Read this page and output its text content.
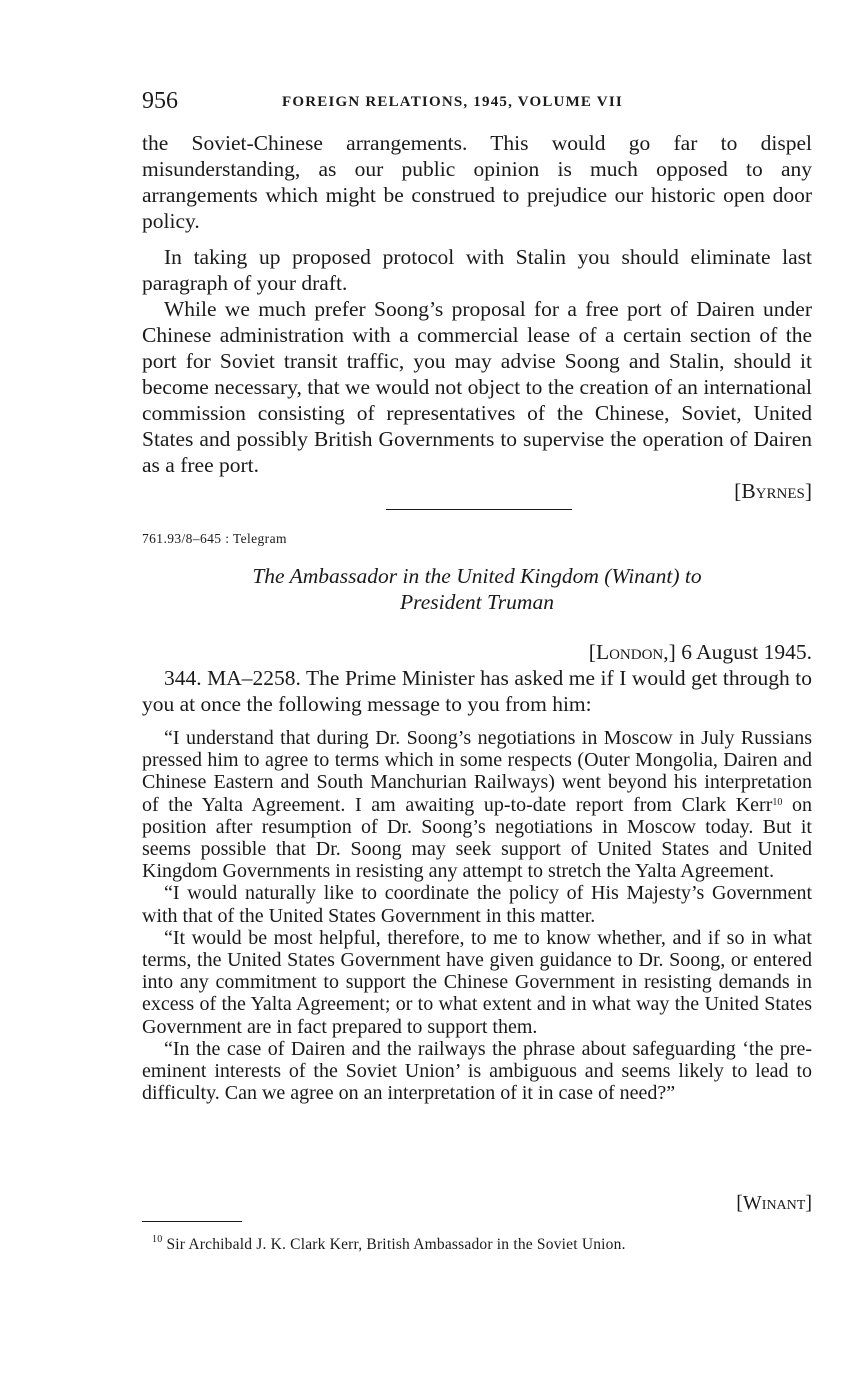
956	FOREIGN RELATIONS, 1945, VOLUME VII

the Soviet-Chinese arrangements. This would go far to dispel misunderstanding, as our public opinion is much opposed to any arrangements which might be construed to prejudice our historic open door policy.

In taking up proposed protocol with Stalin you should eliminate last paragraph of your draft.

While we much prefer Soong’s proposal for a free port of Dairen under Chinese administration with a commercial lease of a certain section of the port for Soviet transit traffic, you may advise Soong and Stalin, should it become necessary, that we would not object to the creation of an international commission consisting of representatives of the Chinese, Soviet, United States and possibly British Governments to supervise the operation of Dairen as a free port.

[Byrnes]

761.93/8–645 : Telegram
The Ambassador in the United Kingdom (Winant) to
President Truman

[London,] 6 August 1945.

344. MA–2258. The Prime Minister has asked me if I would get through to you at once the following message to you from him:

“I understand that during Dr. Soong’s negotiations in Moscow in July Russians pressed him to agree to terms which in some respects (Outer Mongolia, Dairen and Chinese Eastern and South Manchurian Railways) went beyond his interpretation of the Yalta Agreement. I am awaiting up-to-date report from Clark Kerr$^{10}$ on position after resumption of Dr. Soong’s negotiations in Moscow today. But it seems possible that Dr. Soong may seek support of United States and United Kingdom Governments in resisting any attempt to stretch the Yalta Agreement.

“I would naturally like to coordinate the policy of His Majesty’s Government with that of the United States Government in this matter.

“It would be most helpful, therefore, to me to know whether, and if so in what terms, the United States Government have given guidance to Dr. Soong, or entered into any commitment to support the Chinese Government in resisting demands in excess of the Yalta Agreement; or to what extent and in what way the United States Government are in fact prepared to support them.

“In the case of Dairen and the railways the phrase about safeguarding ‘the pre-eminent interests of the Soviet Union’ is ambiguous and seems likely to lead to difficulty. Can we agree on an interpretation of it in case of need?”

[Winant]
$^{10}$ Sir Archibald J. K. Clark Kerr, British Ambassador in the Soviet Union.
